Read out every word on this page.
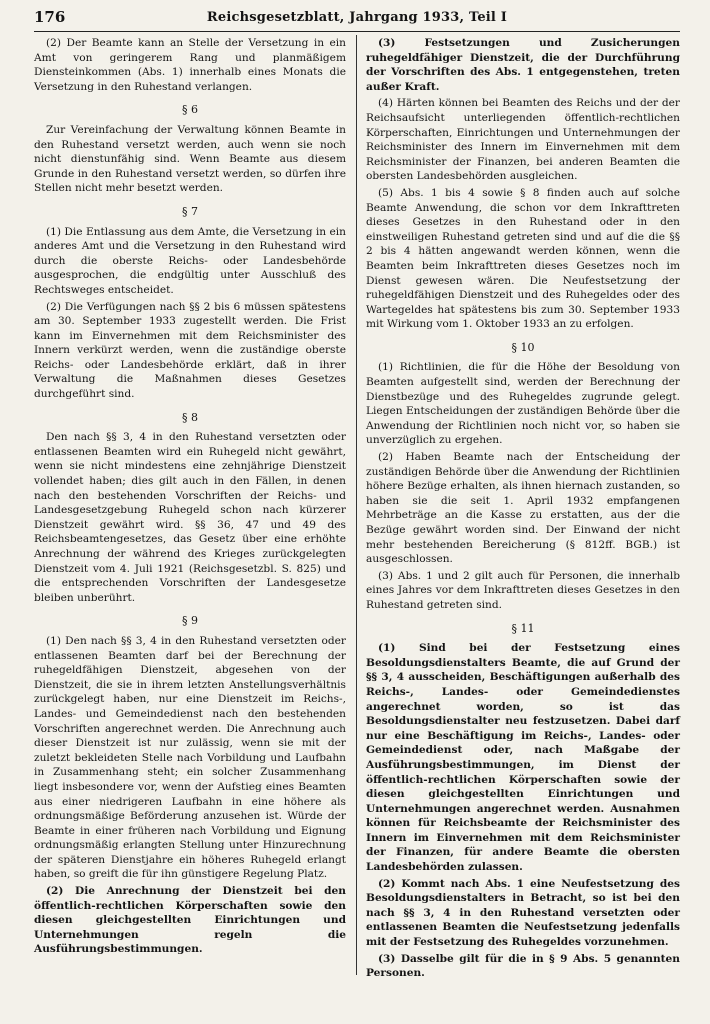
176	Reichsgesetzblatt, Jahrgang 1933, Teil I

(2) Der Beamte kann an Stelle der Versetzung in ein Amt von geringerem Rang und planmäßigem Diensteinkommen (Abs. 1) innerhalb eines Monats die Versetzung in den Ruhestand verlangen.

§ 6

Zur Vereinfachung der Verwaltung können Beamte in den Ruhestand versetzt werden, auch wenn sie noch nicht dienstunfähig sind. Wenn Beamte aus diesem Grunde in den Ruhestand versetzt werden, so dürfen ihre Stellen nicht mehr besetzt werden.

§ 7

(1) Die Entlassung aus dem Amte, die Versetzung in ein anderes Amt und die Versetzung in den Ruhestand wird durch die oberste Reichs- oder Landesbehörde ausgesprochen, die endgültig unter Ausschluß des Rechtsweges entscheidet.

(2) Die Verfügungen nach §§ 2 bis 6 müssen spätestens am 30. September 1933 zugestellt werden. Die Frist kann im Einvernehmen mit dem Reichsminister des Innern verkürzt werden, wenn die zuständige oberste Reichs- oder Landesbehörde erklärt, daß in ihrer Verwaltung die Maßnahmen dieses Gesetzes durchgeführt sind.

§ 8

Den nach §§ 3, 4 in den Ruhestand versetzten oder entlassenen Beamten wird ein Ruhegeld nicht gewährt, wenn sie nicht mindestens eine zehnjährige Dienstzeit vollendet haben; dies gilt auch in den Fällen, in denen nach den bestehenden Vorschriften der Reichs- und Landesgesetzgebung Ruhegeld schon nach kürzerer Dienstzeit gewährt wird. §§ 36, 47 und 49 des Reichsbeamtengesetzes, das Gesetz über eine erhöhte Anrechnung der während des Krieges zurückgelegten Dienstzeit vom 4. Juli 1921 (Reichsgesetzbl. S. 825) und die entsprechenden Vorschriften der Landesgesetze bleiben unberührt.

§ 9

(1) Den nach §§ 3, 4 in den Ruhestand versetzten oder entlassenen Beamten darf bei der Berechnung der ruhegeldfähigen Dienstzeit, abgesehen von der Dienstzeit, die sie in ihrem letzten Anstellungsverhältnis zurückgelegt haben, nur eine Dienstzeit im Reichs-, Landes- und Gemeindedienst nach den bestehenden Vorschriften angerechnet werden. Die Anrechnung auch dieser Dienstzeit ist nur zulässig, wenn sie mit der zuletzt bekleideten Stelle nach Vorbildung und Laufbahn in Zusammenhang steht; ein solcher Zusammenhang liegt insbesondere vor, wenn der Aufstieg eines Beamten aus einer niedrigeren Laufbahn in eine höhere als ordnungsmäßige Beförderung anzusehen ist. Würde der Beamte in einer früheren nach Vorbildung und Eignung ordnungsmäßig erlangten Stellung unter Hinzurechnung der späteren Dienstjahre ein höheres Ruhegeld erlangt haben, so greift die für ihn günstigere Regelung Platz.

(2) Die Anrechnung der Dienstzeit bei den öffentlich-rechtlichen Körperschaften sowie den diesen gleichgestellten Einrichtungen und Unternehmungen regeln die Ausführungsbestimmungen.

(3) Festsetzungen und Zusicherungen ruhegeldfähiger Dienstzeit, die der Durchführung der Vorschriften des Abs. 1 entgegenstehen, treten außer Kraft.

(4) Härten können bei Beamten des Reichs und der der Reichsaufsicht unterliegenden öffentlich-rechtlichen Körperschaften, Einrichtungen und Unternehmungen der Reichsminister des Innern im Einvernehmen mit dem Reichsminister der Finanzen, bei anderen Beamten die obersten Landesbehörden ausgleichen.

(5) Abs. 1 bis 4 sowie § 8 finden auch auf solche Beamte Anwendung, die schon vor dem Inkrafttreten dieses Gesetzes in den Ruhestand oder in den einstweiligen Ruhestand getreten sind und auf die die §§ 2 bis 4 hätten angewandt werden können, wenn die Beamten beim Inkrafttreten dieses Gesetzes noch im Dienst gewesen wären. Die Neufestsetzung der ruhegeldfähigen Dienstzeit und des Ruhegeldes oder des Wartegeldes hat spätestens bis zum 30. September 1933 mit Wirkung vom 1. Oktober 1933 an zu erfolgen.

§ 10

(1) Richtlinien, die für die Höhe der Besoldung von Beamten aufgestellt sind, werden der Berechnung der Dienstbezüge und des Ruhegeldes zugrunde gelegt. Liegen Entscheidungen der zuständigen Behörde über die Anwendung der Richtlinien noch nicht vor, so haben sie unverzüglich zu ergehen.

(2) Haben Beamte nach der Entscheidung der zuständigen Behörde über die Anwendung der Richtlinien höhere Bezüge erhalten, als ihnen hiernach zustanden, so haben sie die seit 1. April 1932 empfangenen Mehrbeträge an die Kasse zu erstatten, aus der die Bezüge gewährt worden sind. Der Einwand der nicht mehr bestehenden Bereicherung (§ 812ff. BGB.) ist ausgeschlossen.

(3) Abs. 1 und 2 gilt auch für Personen, die innerhalb eines Jahres vor dem Inkrafttreten dieses Gesetzes in den Ruhestand getreten sind.

§ 11

(1) Sind bei der Festsetzung eines Besoldungsdienstalters Beamte, die auf Grund der §§ 3, 4 ausscheiden, Beschäftigungen außerhalb des Reichs-, Landes- oder Gemeindedienstes angerechnet worden, so ist das Besoldungsdienstalter neu festzusetzen. Dabei darf nur eine Beschäftigung im Reichs-, Landes- oder Gemeindedienst oder, nach Maßgabe der Ausführungsbestimmungen, im Dienst der öffentlich-rechtlichen Körperschaften sowie der diesen gleichgestellten Einrichtungen und Unternehmungen angerechnet werden. Ausnahmen können für Reichsbeamte der Reichsminister des Innern im Einvernehmen mit dem Reichsminister der Finanzen, für andere Beamte die obersten Landesbehörden zulassen.

(2) Kommt nach Abs. 1 eine Neufestsetzung des Besoldungsdienstalters in Betracht, so ist bei den nach §§ 3, 4 in den Ruhestand versetzten oder entlassenen Beamten die Neufestsetzung jedenfalls mit der Festsetzung des Ruhegeldes vorzunehmen.

(3) Dasselbe gilt für die in § 9 Abs. 5 genannten Personen.
